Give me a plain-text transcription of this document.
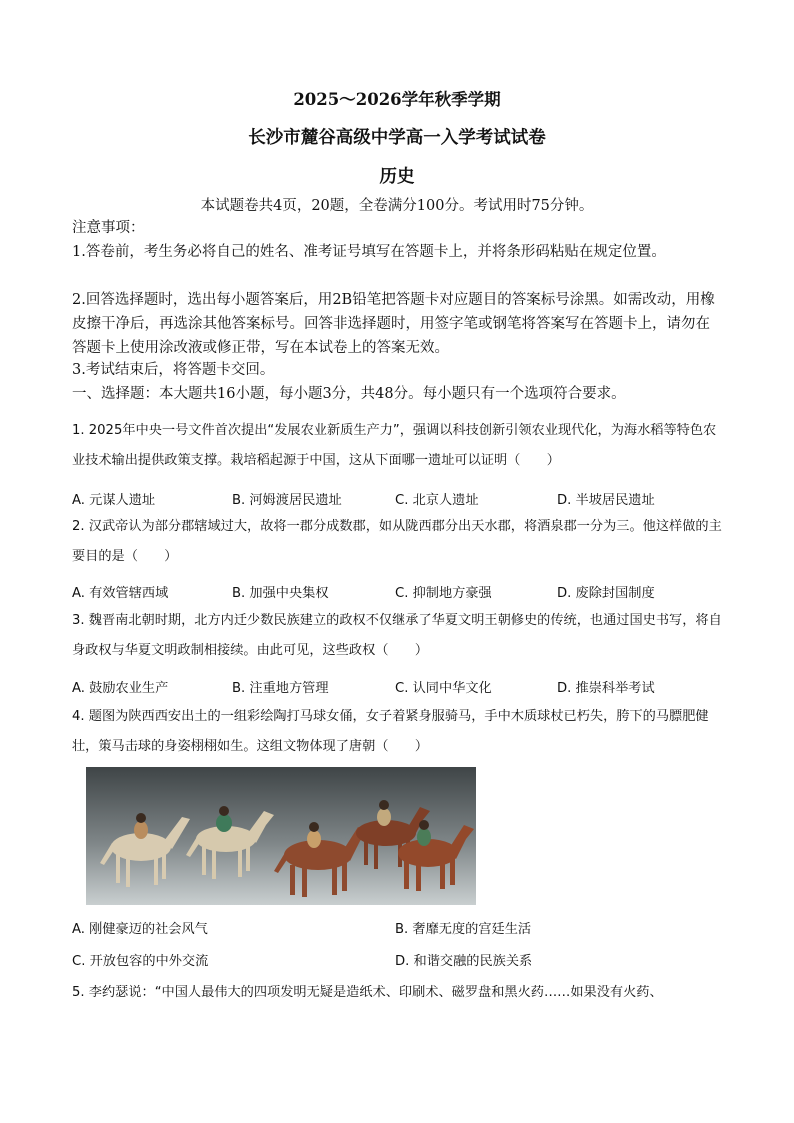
2025～2026学年秋季学期
长沙市麓谷高级中学高一入学考试试卷
历史
本试题卷共4页，20题，全卷满分100分。考试用时75分钟。
注意事项：
1.答卷前，考生务必将自己的姓名、准考证号填写在答题卡上，并将条形码粘贴在规定位置。
2.回答选择题时，选出每小题答案后，用2B铅笔把答题卡对应题目的答案标号涂黑。如需改动，用橡皮擦干净后，再选涂其他答案标号。回答非选择题时，用签字笔或钢笔将答案写在答题卡上，请勿在答题卡上使用涂改液或修正带，写在本试卷上的答案无效。
3.考试结束后，将答题卡交回。
一、选择题：本大题共16小题，每小题3分，共48分。每小题只有一个选项符合要求。
1. 2025年中央一号文件首次提出“发展农业新质生产力”，强调以科技创新引领农业现代化，为海水稻等特色农业技术输出提供政策支撑。栽培稻起源于中国，这从下面哪一遗址可以证明（　　）
A. 元谋人遗址	B. 河姆渡居民遗址	C. 北京人遗址	D. 半坡居民遗址
2. 汉武帝认为部分郡辖域过大，故将一郡分成数郡，如从陇西郡分出天水郡，将酒泉郡一分为三。他这样做的主要目的是（　　）
A. 有效管辖西域	B. 加强中央集权	C. 抑制地方豪强	D. 废除封国制度
3. 魏晋南北朝时期，北方内迁少数民族建立的政权不仅继承了华夏文明王朝修史的传统，也通过国史书写，将自身政权与华夏文明政制相接续。由此可见，这些政权（　　）
A. 鼓励农业生产	B. 注重地方管理	C. 认同中华文化	D. 推崇科举考试
4. 题图为陕西西安出土的一组彩绘陶打马球女俑，女子着紧身服骑马，手中木质球杖已朽失，胯下的马膘肥健壮，策马击球的身姿栩栩如生。这组文物体现了唐朝（　　）
A. 刚健豪迈的社会风气	B. 奢靡无度的宫廷生活
C. 开放包容的中外交流	D. 和谐交融的民族关系
5. 李约瑟说：“中国人最伟大的四项发明无疑是造纸术、印刷术、磁罗盘和黑火药……如果没有火药、
